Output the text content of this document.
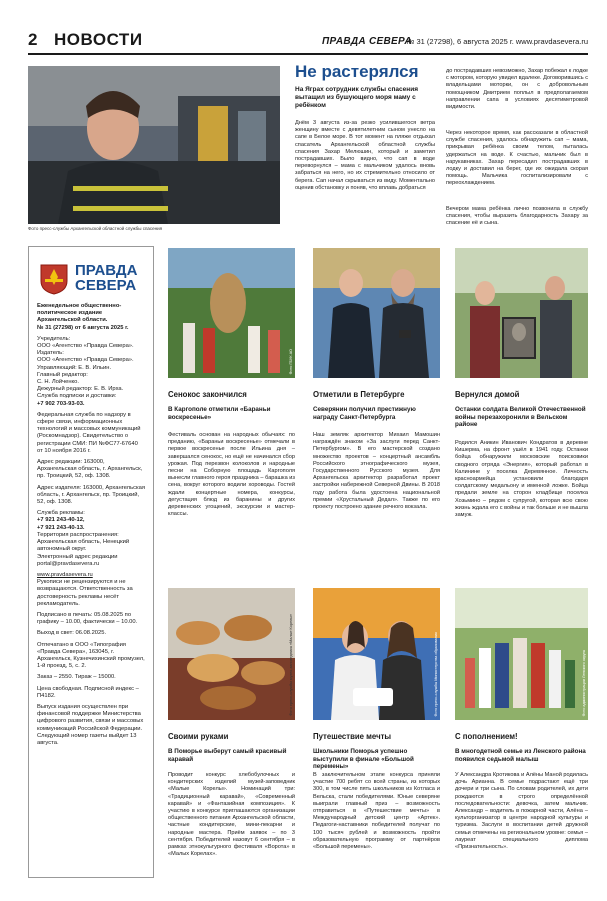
2 НОВОСТИ	ПРАВДА СЕВЕРА
№ 31 (27298), 6 августа 2025 г. www.pravdasevera.ru
Фото пресс-службы Архангельской областной службы спасения
Не растерялся
На Яграх сотрудник службы спасения вытащил из бушующего моря маму с ребёнком
Днём 3 августа из-за резко усилившегося ветра женщину вместе с девятилетним сыном унесло на сапе в Белое море. В тот момент на пляже отдыхал спасатель Архангельской областной службы спасения Захар Мелюшин, который и заметил пострадавших. Было видно, что сап в воде переворнулся – мама с мальчиком удалось вновь забраться на него, но их стремительно относило от берега. Сап начал скрываться из виду. Моментально оценив обстановку и поняв, что вплавь добраться
до пострадавших невозможно, Захар побежал к лодке с мотором, которую увидел вдалеке. Договорившись с владельцами моторки, он с добровольным помощником Дмитрием поплыл в предполагаемом направлении сапа в условиях десятиметровой видимости.
Через некоторое время, как рассказали в областной службе спасения, удалось обнаружить сап – мама, прикрывая ребёнка своим телом, пыталась удержаться на воде. К счастью, мальчик был в нарукавниках. Захар пересадил пострадавших в лодку и доставил на берег, где их ожидала скорая помощь. Мальчика госпитализировали с переохлаждением.
Вечером мама ребёнка лично позвонила в службу спасения, чтобы выразить благодарность Захару за спасение её и сына.
ПРАВДА
СЕВЕРА

Еженедельное общественно-политическое издание Архангельской области.

№ 31 (27298) от 6 августа 2025 г.

Учредитель:

ООО «Агентство «Правда Севера».

Издатель:

ООО «Агентство «Правда Севера».

Управляющий: Е. В. Ильин.

Главный редактор:

С. Н. Лойченко.

Дежурный редактор: Е. В. Ирха.

Служба подписки и доставки:

+7 902 703-93-03.

Федеральная служба по надзору в сфере связи, информационных технологий и массовых коммуникаций (Роскомнадзор). Свидетельство о регистрации СМИ: ПИ №ФС77-67640 от 10 ноября 2016 г.

Адрес редакции: 163000, Архангельская область, г. Архангельск, пр. Троицкий, 52, оф. 1308.

Адрес издателя: 163000, Архангельская область, г. Архангельск, пр. Троицкий, 52, оф. 1308.

Служба рекламы:

+7 921 243-40-12,

+7 921 243-40-13.

Территория распространения: Архангельская область, Ненецкий автономный округ.

Электронный адрес редакции

portal@pravdasevera.ru

www.pravdasevera.ru

Рукописи не рецензируются и не возвращаются. Ответственность за достоверность рекламы несёт рекламодатель.

Подписано в печать: 05.08.2025 по графику – 10.00, фактически – 10.00.

Выход в свет: 06.08.2025.

Отпечатано в ООО «Типография «Правда Севера», 163045, г. Архангельск, Кузнечихинский промузел, 1-й проезд, 5, с. 2.

Заказ – 2550. Тираж – 15000.

Цена свободная. Подписной индекс – П4182.

Выпуск издания осуществлен при финансовой поддержке Министерства цифрового развития, связи и массовых коммуникаций Российской Федерации.

Следующий номер газеты выйдет 13 августа.

Фото ГБУК АО
Сенокос закончился
В Каргополе отметили «Бараньи воскресенье»
Фестиваль основан на народных обычаях: по преданию, «Бараньи воскресенье» отмечали в первое воскресенье после Ильина дня – завершался сенокос, но ещё не начинался сбор урожая. Под перезвон колоколов и народные песни на Соборную площадь Каргополя вынесли главного героя праздника – барашка из сена, вокруг которого водили хороводы. Гостей ждали концертные номера, конкурсы, дегустация блюд из баранины и других деревенских угощений, экскурсии и мастер-классы.
Отметили в Петербурге
Северянин получил престижную награду Санкт-Петербурга
Наш земляк архитектор Михаил Мамошин награждён знаком «За заслуги перед Санкт-Петербургом». В его мастерской создано множество проектов – концертный ансамбль Российского этнографического музея, Государственного Русского музея. Для Архангельска архитектор разработал проект застройки набережной Северной Двины. В 2018 году работа была удостоена национальной премии «Хрустальный Дедал». Также по его проекту построено здание речного вокзала.
Вернулся домой
Останки солдата Великой Отечественной войны перезахоронили в Вельском районе
Родился Аникин Иванович Кондратов в деревне Кишерма, на фронт ушёл в 1941 году. Останки бойца обнаружили московские поисковики сводного отряда «Энергия», который работал в Калинине у поселка Деревянное. Личность красноармейца установили благодаря солдатскому медальону и именной ложке. Бойца предали земле на сторон кладбище поселка Хозьмино – рядом с супругой, которая всю свою жизнь ждала его с войны и так больше и не вышла замуж.
Фото пресс-службы музея-заповедника «Малые Корелы»
Своими руками
В Поморье выберут самый красивый каравай
Проводит конкурс хлебобулочных и кондитерских изделий музей-заповедник «Малые Корелы». Номинаций три: «Традиционный каравай», «Современный каравай» и «Фантазийная композиция». К участию в конкурсе приглашаются организации общественного питания Архангельской области, частные кондитерские, мини-пекарни и народные мастера. Приём заявок – по 3 сентября. Победителей назовут 6 сентября – в рамках этнокультурного фестиваля «Ворота» в «Малых Корелах».
Фото пресс-службы Министерства образования
Путешествие мечты
Школьники Поморья успешно выступили в финале «Большой перемены»
В заключительном этапе конкурса приняли участие 700 ребят со всей страны, из которых 300, в том числе пять школьников из Котласа и Вельска, стали победителями. Юные северяне выиграли главный приз – возможность отправиться в «Путешествие мечты» в Международный детский центр «Артек». Педагоги-наставники победителей получат по 100 тысяч рублей и возможность пройти образовательную программу от партнёров «Большой перемены».
Фото администрации Ленского округа
С пополнением!
В многодетной семье из Ленского района появился седьмой малыш
У Александра Кротикова и Алёны Маной родилась дочь Арианна. В семье подрастают ещё три дочери и три сына. По словам родителей, их дети рождаются в строго определённой последовательности: девочка, затем мальчик. Александр – водитель в пожарной части, Алёна – культорганизатор в центре народной культуры и туризма. Заслуги в воспитании детей дружной семьи отмечены на региональном уровне: семья – лауреат специального диплома «Признательность».
